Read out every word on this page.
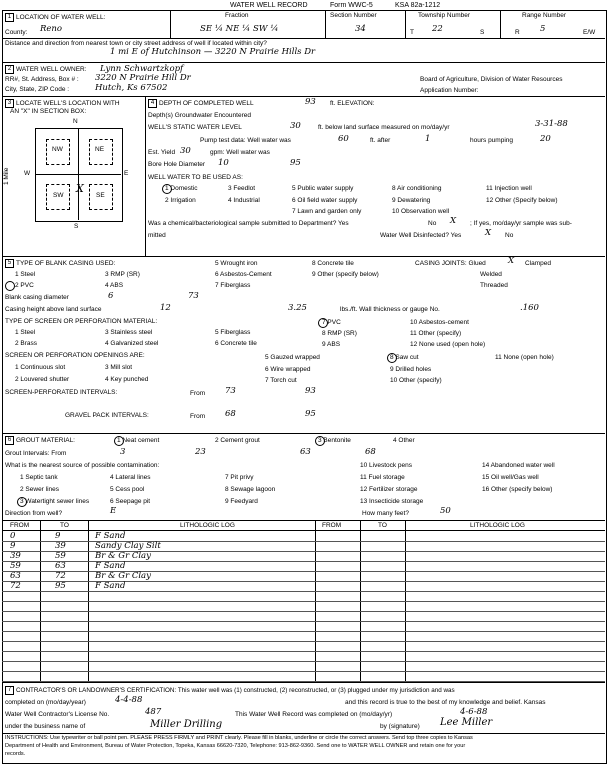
WATER WELL RECORD	Form WWC-5	KSA 82a-1212
1 LOCATION OF WATER WELL:	Fraction	Section Number	Township Number	Range Number
County: Reno	SE ¼ NE ¼ SW ¼	34	T 22	S	R 5	E/W
Distance and direction from nearest town or city street address of well if located within city?
1 mi E of Hutchinson — 3220 N Prairie Hills Dr
2 WATER WELL OWNER: Lynn Schwartzkopf
RR#, St. Address, Box # : 3220 N Prairie Hill Dr
City, State, ZIP Code :	Hutch, Ks 67502
Board of Agriculture, Division of Water Resources
Application Number:
3 LOCATE WELL'S LOCATION WITH
AN "X" IN SECTION BOX:
N
W	E
S
1 Mile
NW	NE
SW	SE
X
4 DEPTH OF COMPLETED WELL	93 ft. ELEVATION:
Depth(s) Groundwater Encountered
WELL'S STATIC WATER LEVEL	30	ft. below land surface measured on mo/day/yr	3-31-88
Pump test data: Well water was	60	ft. after	1	hours pumping	20
Est. Yield 30	gpm: Well water was
Bore Hole Diameter 10	95
WELL WATER TO BE USED AS:
1 Domestic	3 Feedlot	5 Public water supply	8 Air conditioning	11 Injection well
2 Irrigation	4 Industrial	6 Oil field water supply	9 Dewatering	12 Other (Specify below)
7 Lawn and garden only	10 Observation well
Was a chemical/bacteriological sample submitted to Department? Yes	X
No	; If yes, mo/day/yr sample was sub-
mitted	Water Well Disinfected? Yes	X No
5 TYPE OF BLANK CASING USED:
1 Steel	3 RMP (SR)
5 Wrought iron
6 Asbestos-Cement
7 Fiberglass
8 Concrete tile
9 Other (specify below)
2 PVC	4 ABS
CASING JOINTS: Glued	X Clamped
Welded
Threaded
Blank casing diameter	6	73
Casing height above land surface	12	3.25	lbs./ft. Wall thickness or gauge No.	.160
TYPE OF SCREEN OR PERFORATION MATERIAL:
1 Steel	3 Stainless steel	5 Fiberglass
7 PVC	10 Asbestos-cement
2 Brass	4 Galvanized steel	6 Concrete tile
8 RMP (SR)
9 ABS
11 Other (specify)
12 None used (open hole)
SCREEN OR PERFORATION OPENINGS ARE:
1 Continuous slot	3 Mill slot
5 Gauzed wrapped	8 Saw cut	11 None (open hole)
2 Louvered shutter	4 Key punched
6 Wire wrapped	9 Drilled holes
7 Torch cut	10 Other (specify)
SCREEN-PERFORATED INTERVALS:	From 73	93
GRAVEL PACK INTERVALS:	From 68	95
6 GROUT MATERIAL:	1 Neat cement	2 Cement grout	3 Bentonite	4 Other
Grout Intervals: From	3	23	63	68
What is the nearest source of possible contamination:
1 Septic tank	4 Lateral lines	7 Pit privy
10 Livestock pens	14 Abandoned water well
2 Sewer lines	5 Cess pool	8 Sewage lagoon
11 Fuel storage	15 Oil well/Gas well
3 Watertight sewer lines	6 Seepage pit	9 Feedyard
12 Fertilizer storage	16 Other (specify below)
13 Insecticide storage
Direction from well?	E	How many feet?	50
FROM	TO	LITHOLOGIC LOG	FROM	TO	LITHOLOGIC LOG
0	9	F Sand
9	39	Sandy Clay Silt
39	59	Br & Gr Clay
59	63	F Sand
63	72	Br & Gr Clay
72	95	F Sand
7 CONTRACTOR'S OR LANDOWNER'S CERTIFICATION: This water well was (1) constructed, (2) reconstructed, or (3) plugged under my jurisdiction and was
completed on (mo/day/year)	4-4-88	and this record is true to the best of my knowledge and belief. Kansas
Water Well Contractor's License No.	487	This Water Well Record was completed on (mo/day/yr)	4-6-88
under the business name of	Miller Drilling	by (signature) Lee Miller
INSTRUCTIONS: Use typewriter or ball point pen. PLEASE PRESS FIRMLY and PRINT clearly. Please fill in blanks, underline or circle the correct answers. Send top three copies to Kansas
Department of Health and Environment, Bureau of Water Protection, Topeka, Kansas 66620-7320, Telephone: 913-862-9360. Send one to WATER WELL OWNER and retain one for your
records.
